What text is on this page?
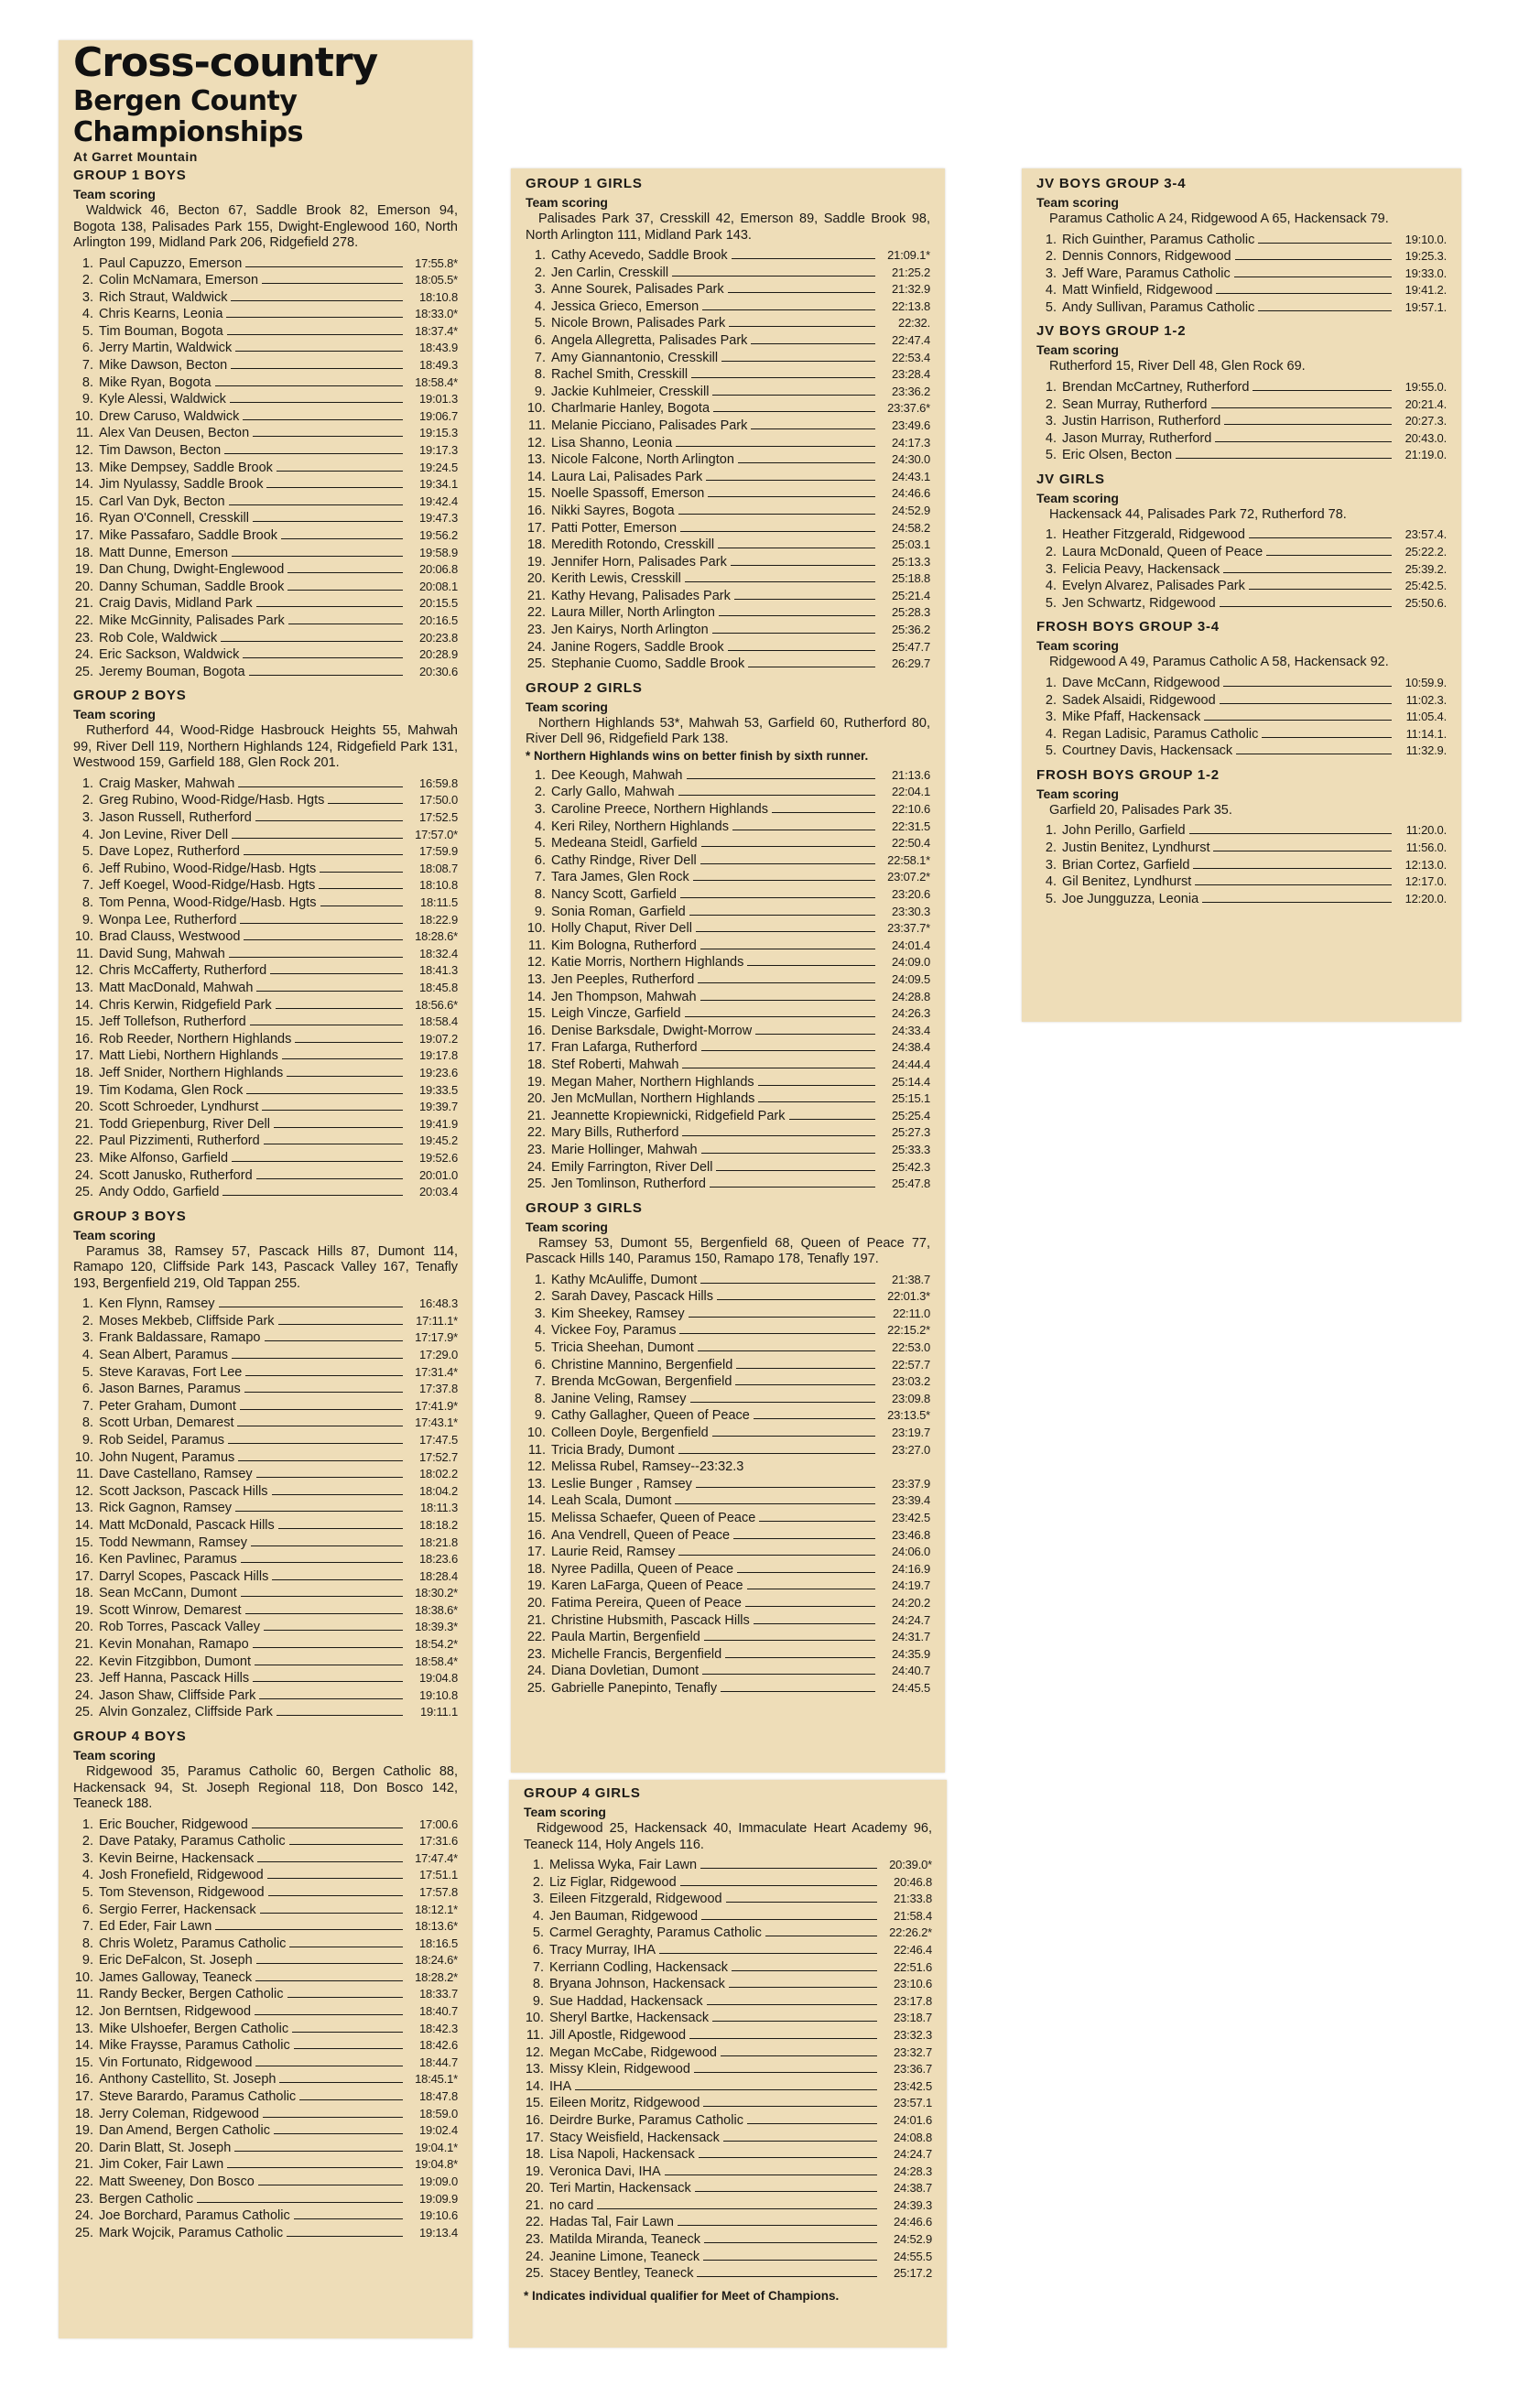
Cross-country
Bergen County Championships
At Garret Mountain
GROUP 1 BOYS
Team scoring
Waldwick 46, Becton 67, Saddle Brook 82, Emerson 94, Bogota 138, Palisades Park 155, Dwight-Englewood 160, North Arlington 199, Midland Park 206, Ridgefield 278.
1. Paul Capuzzo, Emerson	17:55.8*
2. Colin McNamara, Emerson	18:05.5*
3. Rich Straut, Waldwick	18:10.8
4. Chris Kearns, Leonia	18:33.0*
5. Tim Bouman, Bogota	18:37.4*
6. Jerry Martin, Waldwick	18:43.9
7. Mike Dawson, Becton	18:49.3
8. Mike Ryan, Bogota	18:58.4*
9. Kyle Alessi, Waldwick	19:01.3
10. Drew Caruso, Waldwick	19:06.7
11. Alex Van Deusen, Becton	19:15.3
12. Tim Dawson, Becton	19:17.3
13. Mike Dempsey, Saddle Brook	19:24.5
14. Jim Nyulassy, Saddle Brook	19:34.1
15. Carl Van Dyk, Becton	19:42.4
16. Ryan O'Connell, Cresskill	19:47.3
17. Mike Passafaro, Saddle Brook	19:56.2
18. Matt Dunne, Emerson	19:58.9
19. Dan Chung, Dwight-Englewood	20:06.8
20. Danny Schuman, Saddle Brook	20:08.1
21. Craig Davis, Midland Park	20:15.5
22. Mike McGinnity, Palisades Park	20:16.5
23. Rob Cole, Waldwick	20:23.8
24. Eric Sackson, Waldwick	20:28.9
25. Jeremy Bouman, Bogota	20:30.6
GROUP 2 BOYS
Team scoring
Rutherford 44, Wood-Ridge Hasbrouck Heights 55, Mahwah 99, River Dell 119, Northern Highlands 124, Ridgefield Park 131, Westwood 159, Garfield 188, Glen Rock 201.
1. Craig Masker, Mahwah	16:59.8
2. Greg Rubino, Wood-Ridge/Hasb. Hgts	17:50.0
3. Jason Russell, Rutherford	17:52.5
4. Jon Levine, River Dell	17:57.0*
5. Dave Lopez, Rutherford	17:59.9
6. Jeff Rubino, Wood-Ridge/Hasb. Hgts	18:08.7
7. Jeff Koegel, Wood-Ridge/Hasb. Hgts	18:10.8
8. Tom Penna, Wood-Ridge/Hasb. Hgts	18:11.5
9. Wonpa Lee, Rutherford	18:22.9
10. Brad Clauss, Westwood	18:28.6*
11. David Sung, Mahwah	18:32.4
12. Chris McCafferty, Rutherford	18:41.3
13. Matt MacDonald, Mahwah	18:45.8
14. Chris Kerwin, Ridgefield Park	18:56.6*
15. Jeff Tollefson, Rutherford	18:58.4
16. Rob Reeder, Northern Highlands	19:07.2
17. Matt Liebi, Northern Highlands	19:17.8
18. Jeff Snider, Northern Highlands	19:23.6
19. Tim Kodama, Glen Rock	19:33.5
20. Scott Schroeder, Lyndhurst	19:39.7
21. Todd Griepenburg, River Dell	19:41.9
22. Paul Pizzimenti, Rutherford	19:45.2
23. Mike Alfonso, Garfield	19:52.6
24. Scott Janusko, Rutherford	20:01.0
25. Andy Oddo, Garfield	20:03.4
GROUP 3 BOYS
Team scoring
Paramus 38, Ramsey 57, Pascack Hills 87, Dumont 114, Ramapo 120, Cliffside Park 143, Pascack Valley 167, Tenafly 193, Bergenfield 219, Old Tappan 255.
1. Ken Flynn, Ramsey	16:48.3
2. Moses Mekbeb, Cliffside Park	17:11.1*
3. Frank Baldassare, Ramapo	17:17.9*
4. Sean Albert, Paramus	17:29.0
5. Steve Karavas, Fort Lee	17:31.4*
6. Jason Barnes, Paramus	17:37.8
7. Peter Graham, Dumont	17:41.9*
8. Scott Urban, Demarest	17:43.1*
9. Rob Seidel, Paramus	17:47.5
10. John Nugent, Paramus	17:52.7
11. Dave Castellano, Ramsey	18:02.2
12. Scott Jackson, Pascack Hills	18:04.2
13. Rick Gagnon, Ramsey	18:11.3
14. Matt McDonald, Pascack Hills	18:18.2
15. Todd Newmann, Ramsey	18:21.8
16. Ken Pavlinec, Paramus	18:23.6
17. Darryl Scopes, Pascack Hills	18:28.4
18. Sean McCann, Dumont	18:30.2*
19. Scott Winrow, Demarest	18:38.6*
20. Rob Torres, Pascack Valley	18:39.3*
21. Kevin Monahan, Ramapo	18:54.2*
22. Kevin Fitzgibbon, Dumont	18:58.4*
23. Jeff Hanna, Pascack Hills	19:04.8
24. Jason Shaw, Cliffside Park	19:10.8
25. Alvin Gonzalez, Cliffside Park	19:11.1
GROUP 4 BOYS
Team scoring
Ridgewood 35, Paramus Catholic 60, Bergen Catholic 88, Hackensack 94, St. Joseph Regional 118, Don Bosco 142, Teaneck 188.
1. Eric Boucher, Ridgewood	17:00.6
2. Dave Pataky, Paramus Catholic	17:31.6
3. Kevin Beirne, Hackensack	17:47.4*
4. Josh Fronefield, Ridgewood	17:51.1
5. Tom Stevenson, Ridgewood	17:57.8
6. Sergio Ferrer, Hackensack	18:12.1*
7. Ed Eder, Fair Lawn	18:13.6*
8. Chris Woletz, Paramus Catholic	18:16.5
9. Eric DeFalcon, St. Joseph	18:24.6*
10. James Galloway, Teaneck	18:28.2*
11. Randy Becker, Bergen Catholic	18:33.7
12. Jon Berntsen, Ridgewood	18:40.7
13. Mike Ulshoefer, Bergen Catholic	18:42.3
14. Mike Frayssе, Paramus Catholic	18:42.6
15. Vin Fortunato, Ridgewood	18:44.7
16. Anthony Castellito, St. Joseph	18:45.1*
17. Steve Barardo, Paramus Catholic	18:47.8
18. Jerry Coleman, Ridgewood	18:59.0
19. Dan Amend, Bergen Catholic	19:02.4
20. Darin Blatt, St. Joseph	19:04.1*
21. Jim Coker, Fair Lawn	19:04.8*
22. Matt Sweeney, Don Bosco	19:09.0
23. Bergen Catholic	19:09.9
24. Joe Borchard, Paramus Catholic	19:10.6
25. Mark Wojcik, Paramus Catholic	19:13.4
GROUP 1 GIRLS
Team scoring
Palisades Park 37, Cresskill 42, Emerson 89, Saddle Brook 98, North Arlington 111, Midland Park 143.
1. Cathy Acevedo, Saddle Brook	21:09.1*
2. Jen Carlin, Cresskill	21:25.2
3. Anne Sourek, Palisades Park	21:32.9
4. Jessica Grieco, Emerson	22:13.8
5. Nicole Brown, Palisades Park	22:32.
6. Angela Allegretta, Palisades Park	22:47.4
7. Amy Giannantonio, Cresskill	22:53.4
8. Rachel Smith, Cresskill	23:28.4
9. Jackie Kuhlmeier, Cresskill	23:36.2
10. Charlmarie Hanley, Bogota	23:37.6*
11. Melanie Picciano, Palisades Park	23:49.6
12. Lisa Shanno, Leonia	24:17.3
13. Nicole Falcone, North Arlington	24:30.0
14. Laura Lai, Palisades Park	24:43.1
15. Noelle Spassoff, Emerson	24:46.6
16. Nikki Sayres, Bogota	24:52.9
17. Patti Potter, Emerson	24:58.2
18. Meredith Rotondo, Cresskill	25:03.1
19. Jennifer Horn, Palisades Park	25:13.3
20. Kerith Lewis, Cresskill	25:18.8
21. Kathy Hevang, Palisades Park	25:21.4
22. Laura Miller, North Arlington	25:28.3
23. Jen Kairys, North Arlington	25:36.2
24. Janine Rogers, Saddle Brook	25:47.7
25. Stephanie Cuomo, Saddle Brook	26:29.7
GROUP 2 GIRLS
Team scoring
Northern Highlands 53*, Mahwah 53, Garfield 60, Rutherford 80, River Dell 96, Ridgefield Park 138.
* Northern Highlands wins on better finish by sixth runner.
1. Dee Keough, Mahwah	21:13.6
2. Carly Gallo, Mahwah	22:04.1
3. Caroline Preece, Northern Highlands	22:10.6
4. Keri Riley, Northern Highlands	22:31.5
5. Medeana Steidl, Garfield	22:50.4
6. Cathy Rindge, River Dell	22:58.1*
7. Tara James, Glen Rock	23:07.2*
8. Nancy Scott, Garfield	23:20.6
9. Sonia Roman, Garfield	23:30.3
10. Holly Chaput, River Dell	23:37.7*
11. Kim Bologna, Rutherford	24:01.4
12. Katie Morris, Northern Highlands	24:09.0
13. Jen Peeples, Rutherford	24:09.5
14. Jen Thompson, Mahwah	24:28.8
15. Leigh Vincze, Garfield	24:26.3
16. Denise Barksdale, Dwight-Morrow	24:33.4
17. Fran Lafarga, Rutherford	24:38.4
18. Stef Roberti, Mahwah	24:44.4
19. Megan Maher, Northern Highlands	25:14.4
20. Jen McMullan, Northern Highlands	25:15.1
21. Jeannette Kropiewnicki, Ridgefield Park	25:25.4
22. Mary Bills, Rutherford	25:27.3
23. Marie Hollinger, Mahwah	25:33.3
24. Emily Farrington, River Dell	25:42.3
25. Jen Tomlinson, Rutherford	25:47.8
GROUP 3 GIRLS
Team scoring
Ramsey 53, Dumont 55, Bergenfield 68, Queen of Peace 77, Pascack Hills 140, Paramus 150, Ramapo 178, Tenafly 197.
1. Kathy McAuliffe, Dumont	21:38.7
2. Sarah Davey, Pascack Hills	22:01.3*
3. Kim Sheekey, Ramsey	22:11.0
4. Vickee Foy, Paramus	22:15.2*
5. Tricia Sheehan, Dumont	22:53.0
6. Christine Mannino, Bergenfield	22:57.7
7. Brenda McGowan, Bergenfield	23:03.2
8. Janine Veling, Ramsey	23:09.8
9. Cathy Gallagher, Queen of Peace	23:13.5*
10. Colleen Doyle, Bergenfield	23:19.7
11. Tricia Brady, Dumont	23:27.0
12. Melissa Rubel, Ramsey--23:32.3
13. Leslie Bunger , Ramsey	23:37.9
14. Leah Scala, Dumont	23:39.4
15. Melissa Schaefer, Queen of Peace	23:42.5
16. Ana Vendrell, Queen of Peace	23:46.8
17. Laurie Reid, Ramsey	24:06.0
18. Nyree Padilla, Queen of Peace	24:16.9
19. Karen LaFarga, Queen of Peace	24:19.7
20. Fatima Pereira, Queen of Peace	24:20.2
21. Christine Hubsmith, Pascack Hills	24:24.7
22. Paula Martin, Bergenfield	24:31.7
23. Michelle Francis, Bergenfield	24:35.9
24. Diana Dovletian, Dumont	24:40.7
25. Gabrielle Panepinto, Tenafly	24:45.5
GROUP 4 GIRLS
Team scoring
Ridgewood 25, Hackensack 40, Immaculate Heart Academy 96, Teaneck 114, Holy Angels 116.
1. Melissa Wyka, Fair Lawn	20:39.0*
2. Liz Figlar, Ridgewood	20:46.8
3. Eileen Fitzgerald, Ridgewood	21:33.8
4. Jen Bauman, Ridgewood	21:58.4
5. Carmel Geraghty, Paramus Catholic	22:26.2*
6. Tracy Murray, IHA	22:46.4
7. Kerriann Codling, Hackensack	22:51.6
8. Bryana Johnson, Hackensack	23:10.6
9. Sue Haddad, Hackensack	23:17.8
10. Sheryl Bartke, Hackensack	23:18.7
11. Jill Apostle, Ridgewood	23:32.3
12. Megan McCabe, Ridgewood	23:32.7
13. Missy Klein, Ridgewood	23:36.7
14. IHA	23:42.5
15. Eileen Moritz, Ridgewood	23:57.1
16. Deirdre Burke, Paramus Catholic	24:01.6
17. Stacy Weisfield, Hackensack	24:08.8
18. Lisa Napoli, Hackensack	24:24.7
19. Veronica Davi, IHA	24:28.3
20. Teri Martin, Hackensack	24:38.7
21. no card	24:39.3
22. Hadas Tal, Fair Lawn	24:46.6
23. Matilda Miranda, Teaneck	24:52.9
24. Jeanine Limone, Teaneck	24:55.5
25. Stacey Bentley, Teaneck	25:17.2
* Indicates individual qualifier for Meet of Champions.
JV BOYS GROUP 3-4
Team scoring
Paramus Catholic A 24, Ridgewood A 65, Hackensack 79.
1. Rich Guinther, Paramus Catholic	19:10.0.
2. Dennis Connors, Ridgewood	19:25.3.
3. Jeff Ware, Paramus Catholic	19:33.0.
4. Matt Winfield, Ridgewood	19:41.2.
5. Andy Sullivan, Paramus Catholic	19:57.1.
JV BOYS GROUP 1-2
Team scoring
Rutherford 15, River Dell 48, Glen Rock 69.
1. Brendan McCartney, Rutherford	19:55.0.
2. Sean Murray, Rutherford	20:21.4.
3. Justin Harrison, Rutherford	20:27.3.
4. Jason Murray, Rutherford	20:43.0.
5. Eric Olsen, Becton	21:19.0.
JV GIRLS
Team scoring
Hackensack 44, Palisades Park 72, Rutherford 78.
1. Heather Fitzgerald, Ridgewood	23:57.4.
2. Laura McDonald, Queen of Peace	25:22.2.
3. Felicia Peavy, Hackensack	25:39.2.
4. Evelyn Alvarez, Palisades Park	25:42.5.
5. Jen Schwartz, Ridgewood	25:50.6.
FROSH BOYS GROUP 3-4
Team scoring
Ridgewood A 49, Paramus Catholic A 58, Hackensack 92.
1. Dave McCann, Ridgewood	10:59.9.
2. Sadek Alsaidi, Ridgewood	11:02.3.
3. Mike Pfaff, Hackensack	11:05.4.
4. Regan Ladisic, Paramus Catholic	11:14.1.
5. Courtney Davis, Hackensack	11:32.9.
FROSH BOYS GROUP 1-2
Team scoring
Garfield 20, Palisades Park 35.
1. John Perillo, Garfield	11:20.0.
2. Justin Benitez, Lyndhurst	11:56.0.
3. Brian Cortez, Garfield	12:13.0.
4. Gil Benitez, Lyndhurst	12:17.0.
5. Joe Jungguzza, Leonia	12:20.0.
